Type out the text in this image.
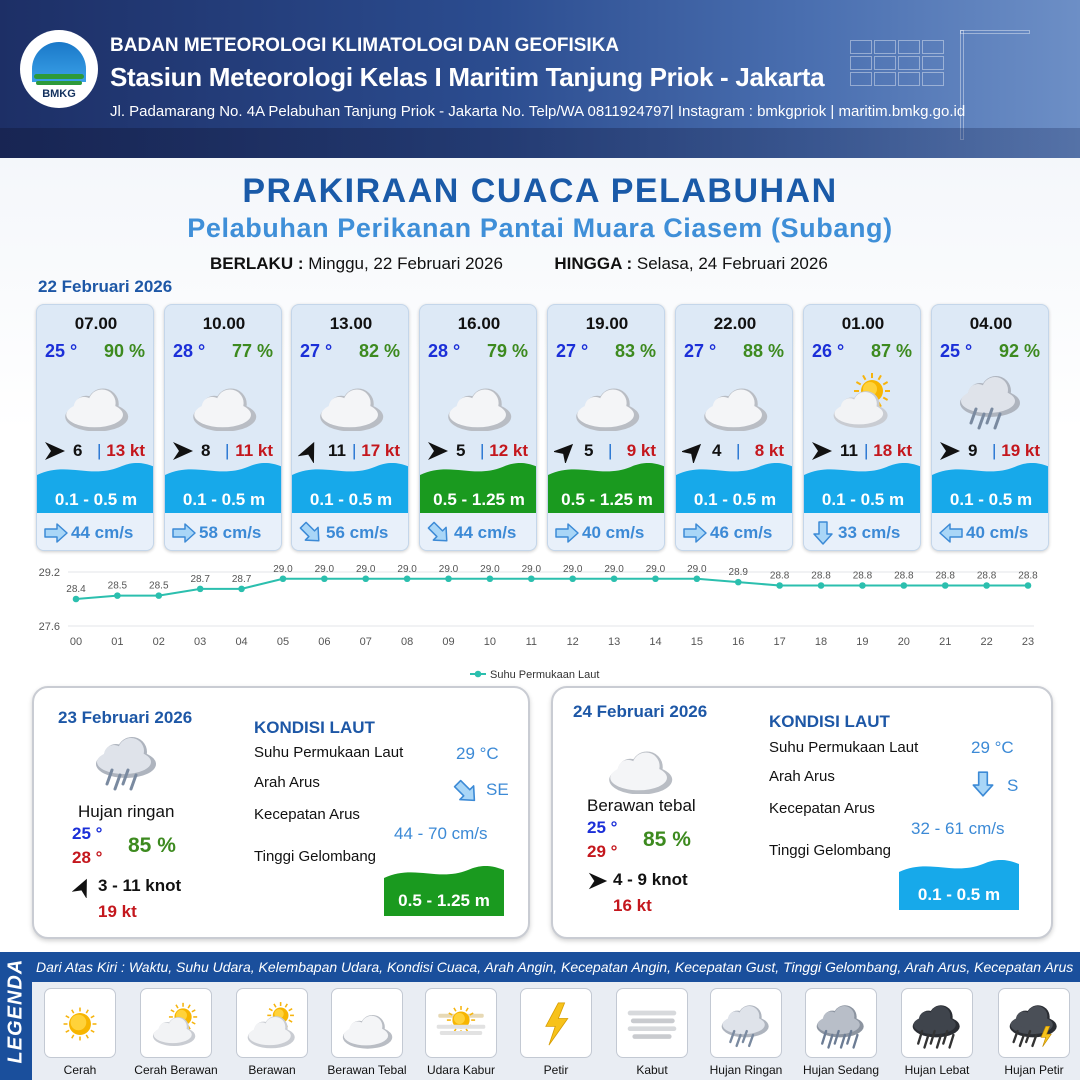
BMKG
BADAN METEOROLOGI KLIMATOLOGI DAN GEOFISIKA
Stasiun Meteorologi Kelas I Maritim Tanjung Priok - Jakarta
Jl. Padamarang No. 4A Pelabuhan Tanjung Priok - Jakarta No. Telp/WA 0811924797| Instagram : bmkgpriok | maritim.bmkg.go.id
PRAKIRAAN CUACA PELABUHAN
Pelabuhan Perikanan Pantai Muara Ciasem (Subang)
BERLAKU : Minggu, 22 Februari 2026	HINGGA : Selasa, 24 Februari 2026
22 Februari 2026
07.00
25 ° 90 %
6 | 13 kt
0.1 - 0.5 m
44 cm/s
10.00
28 ° 77 %
8 | 11 kt
0.1 - 0.5 m
58 cm/s
13.00
27 ° 82 %
11 | 17 kt
0.1 - 0.5 m
56 cm/s
16.00
28 ° 79 %
5 | 12 kt
0.5 - 1.25 m
44 cm/s
19.00
27 ° 83 %
5 | 9 kt
0.5 - 1.25 m
40 cm/s
22.00
27 ° 88 %
4 | 8 kt
0.1 - 0.5 m
46 cm/s
01.00
26 ° 87 %
11 | 18 kt
0.1 - 0.5 m
33 cm/s
04.00
25 ° 92 %
9 | 19 kt
0.1 - 0.5 m
40 cm/s
29.2
27.6
28.4
00
28.5
01
28.5
02
28.7
03
28.7
04
29.0
05
29.0
06
29.0
07
29.0
08
29.0
09
29.0
10
29.0
11
29.0
12
29.0
13
29.0
14
29.0
15
28.9
16
28.8
17
28.8
18
28.8
19
28.8
20
28.8
21
28.8
22
28.8
23
Suhu Permukaan Laut
23 Februari 2026
Hujan ringan
25 °
28 °
85 %
3 - 11 knot
19 kt
KONDISI LAUT
Suhu Permukaan Laut	29 °C
Arah Arus	SE
Kecepatan Arus
44 - 70 cm/s
Tinggi Gelombang
0.5 - 1.25 m
24 Februari 2026
Berawan tebal
25 °
29 °
85 %
4 - 9 knot
16 kt
KONDISI LAUT
Suhu Permukaan Laut	29 °C
Arah Arus	S
Kecepatan Arus
32 - 61 cm/s
Tinggi Gelombang
0.1 - 0.5 m
LEGENDA Dari Atas Kiri : Waktu, Suhu Udara, Kelembapan Udara, Kondisi Cuaca, Arah Angin, Kecepatan Angin, Kecepatan Gust, Tinggi Gelombang, Arah Arus, Kecepatan Arus
Cerah	Cerah Berawan	Berawan	Berawan Tebal	Udara Kabur	Petir	Kabut	Hujan Ringan	Hujan Sedang	Hujan Lebat	Hujan Petir
